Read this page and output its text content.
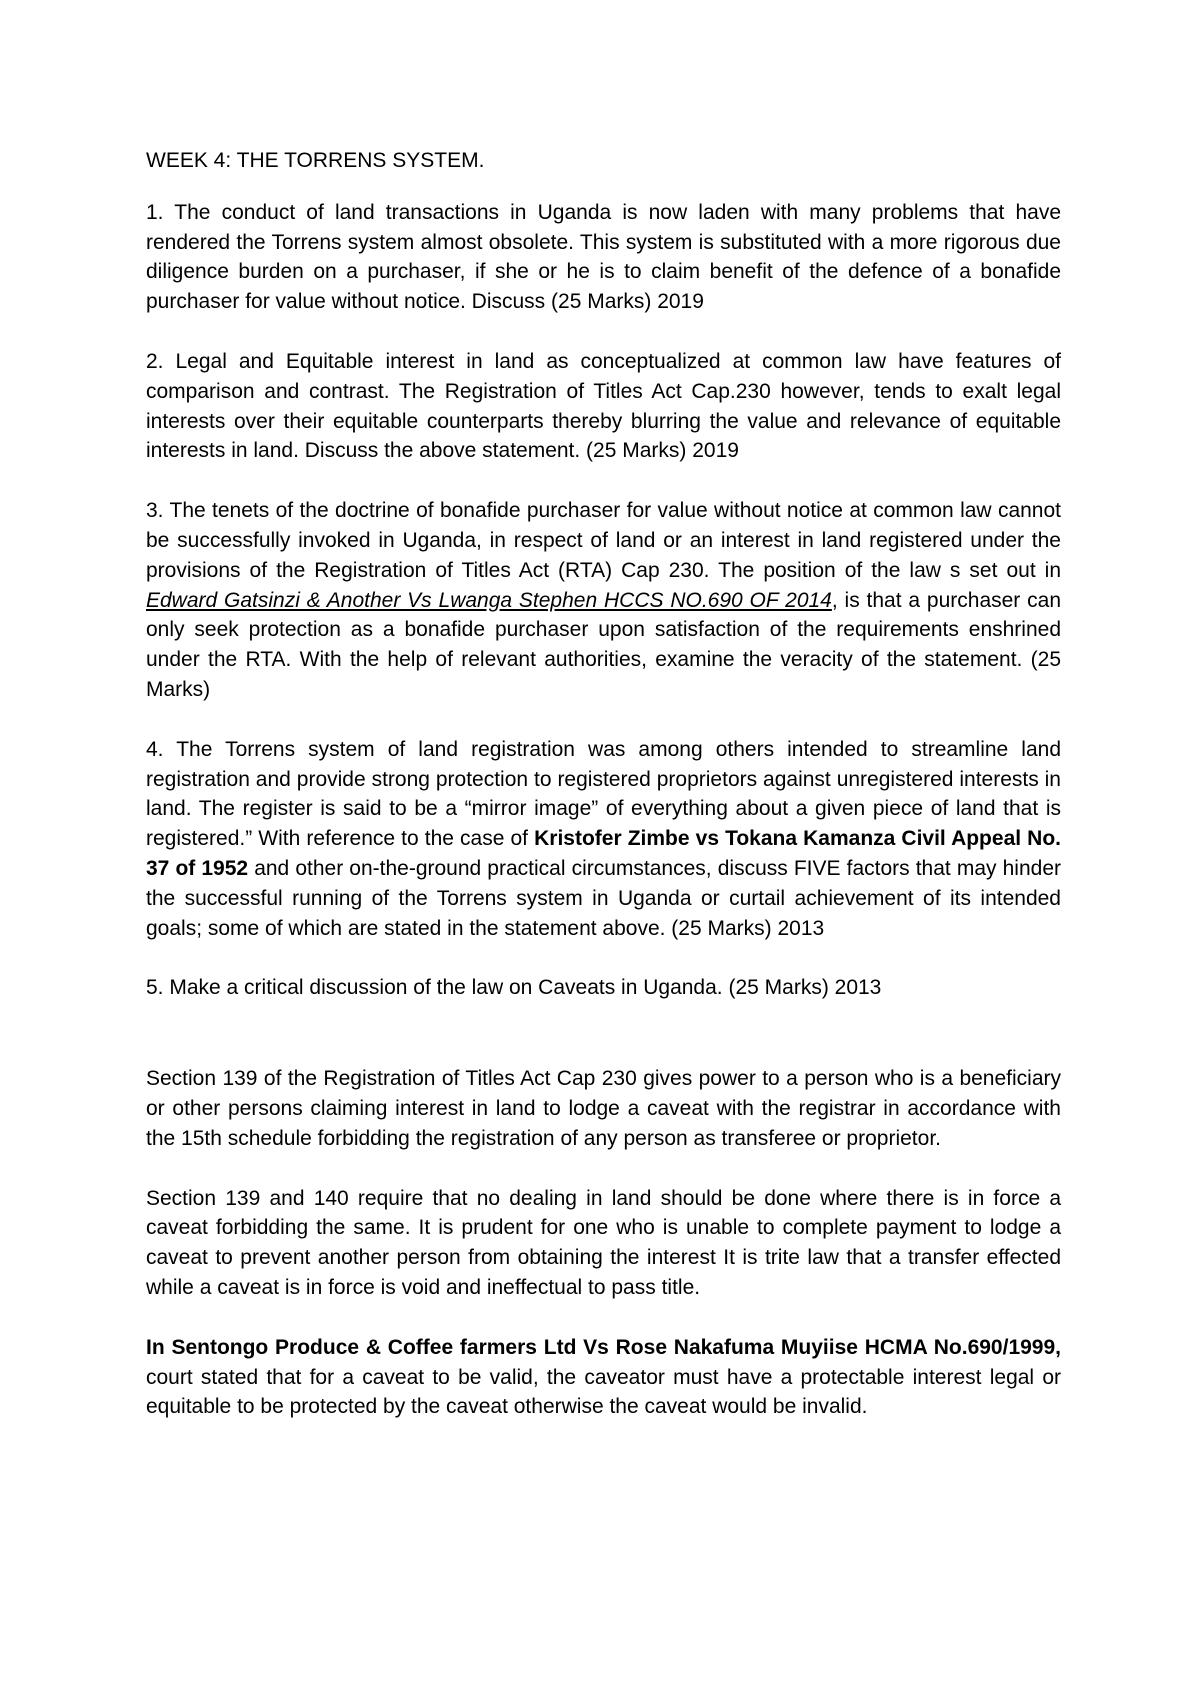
WEEK 4: THE TORRENS SYSTEM.

1. The conduct of land transactions in Uganda is now laden with many problems that have rendered the Torrens system almost obsolete. This system is substituted with a more rigorous due diligence burden on a purchaser, if she or he is to claim benefit of the defence of a bonafide purchaser for value without notice. Discuss (25 Marks) 2019

2. Legal and Equitable interest in land as conceptualized at common law have features of comparison and contrast. The Registration of Titles Act Cap.230 however, tends to exalt legal interests over their equitable counterparts thereby blurring the value and relevance of equitable interests in land. Discuss the above statement. (25 Marks) 2019

3. The tenets of the doctrine of bonafide purchaser for value without notice at common law cannot be successfully invoked in Uganda, in respect of land or an interest in land registered under the provisions of the Registration of Titles Act (RTA) Cap 230. The position of the law s set out in Edward Gatsinzi & Another Vs Lwanga Stephen HCCS NO.690 OF 2014, is that a purchaser can only seek protection as a bonafide purchaser upon satisfaction of the requirements enshrined under the RTA. With the help of relevant authorities, examine the veracity of the statement. (25 Marks)

4. The Torrens system of land registration was among others intended to streamline land registration and provide strong protection to registered proprietors against unregistered interests in land. The register is said to be a “mirror image” of everything about a given piece of land that is registered.” With reference to the case of Kristofer Zimbe vs Tokana Kamanza Civil Appeal No. 37 of 1952 and other on-the-ground practical circumstances, discuss FIVE factors that may hinder the successful running of the Torrens system in Uganda or curtail achievement of its intended goals; some of which are stated in the statement above. (25 Marks) 2013

5. Make a critical discussion of the law on Caveats in Uganda. (25 Marks) 2013

Section 139 of the Registration of Titles Act Cap 230 gives power to a person who is a beneficiary or other persons claiming interest in land to lodge a caveat with the registrar in accordance with the 15th schedule forbidding the registration of any person as transferee or proprietor.

Section 139 and 140 require that no dealing in land should be done where there is in force a caveat forbidding the same. It is prudent for one who is unable to complete payment to lodge a caveat to prevent another person from obtaining the interest It is trite law that a transfer effected while a caveat is in force is void and ineffectual to pass title.

In Sentongo Produce & Coffee farmers Ltd Vs Rose Nakafuma Muyiise HCMA No.690/1999, court stated that for a caveat to be valid, the caveator must have a protectable interest legal or equitable to be protected by the caveat otherwise the caveat would be invalid.
